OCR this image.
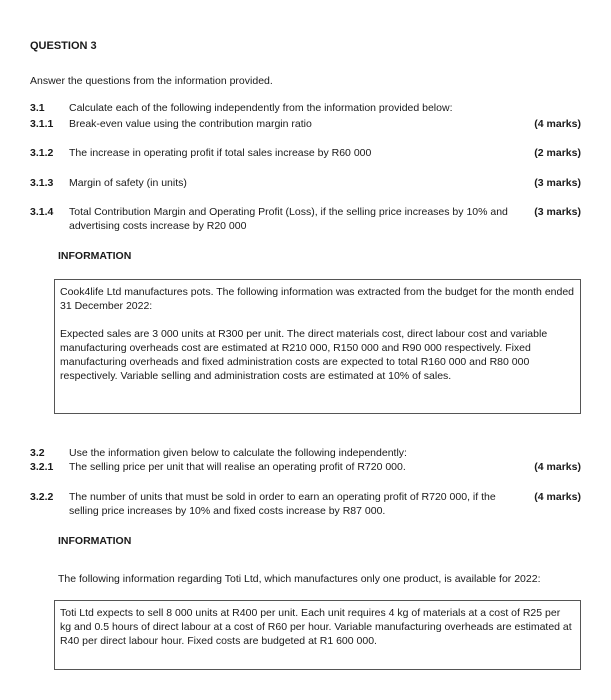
QUESTION 3
Answer the questions from the information provided.
3.1	Calculate each of the following independently from the information provided below:
3.1.1	Break-even value using the contribution margin ratio	(4 marks)
3.1.2	The increase in operating profit if total sales increase by R60 000	(2 marks)
3.1.3	Margin of safety (in units)	(3 marks)
3.1.4	Total Contribution Margin and Operating Profit (Loss), if the selling price increases by 10% and advertising costs increase by R20 000
(3 marks)
INFORMATION

Cook4life Ltd manufactures pots. The following information was extracted from the budget for the month ended 31 December 2022:

Expected sales are 3 000 units at R300 per unit. The direct materials cost, direct labour cost and variable manufacturing overheads cost are estimated at R210 000, R150 000 and R90 000 respectively. Fixed manufacturing overheads and fixed administration costs are expected to total R160 000 and R80 000 respectively. Variable selling and administration costs are estimated at 10% of sales.

3.2	Use the information given below to calculate the following independently:
3.2.1	The selling price per unit that will realise an operating profit of R720 000.	(4 marks)
3.2.2	The number of units that must be sold in order to earn an operating profit of R720 000, if the selling price increases by 10% and fixed costs increase by R87 000.
(4 marks)
INFORMATION
The following information regarding Toti Ltd, which manufactures only one product, is available for 2022:

Toti Ltd expects to sell 8 000 units at R400 per unit. Each unit requires 4 kg of materials at a cost of R25 per kg and 0.5 hours of direct labour at a cost of R60 per hour. Variable manufacturing overheads are estimated at R40 per direct labour hour. Fixed costs are budgeted at R1 600 000.
